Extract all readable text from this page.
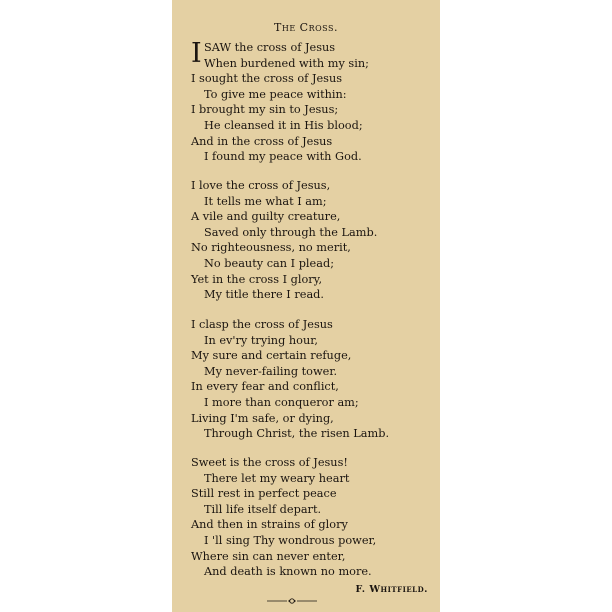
The Cross.
I SAW the cross of Jesus
When burdened with my sin;
I sought the cross of Jesus
To give me peace within:
I brought my sin to Jesus;
He cleansed it in His blood;
And in the cross of Jesus
I found my peace with God.
I love the cross of Jesus,
It tells me what I am;
A vile and guilty creature,
Saved only through the Lamb.
No righteousness, no merit,
No beauty can I plead;
Yet in the cross I glory,
My title there I read.
I clasp the cross of Jesus
In ev'ry trying hour,
My sure and certain refuge,
My never-failing tower.
In every fear and conflict,
I more than conqueror am;
Living I'm safe, or dying,
Through Christ, the risen Lamb.
Sweet is the cross of Jesus!
There let my weary heart
Still rest in perfect peace
Till life itself depart.
And then in strains of glory
I 'll sing Thy wondrous power,
Where sin can never enter,
And death is known no more.
F. Whitfield.
